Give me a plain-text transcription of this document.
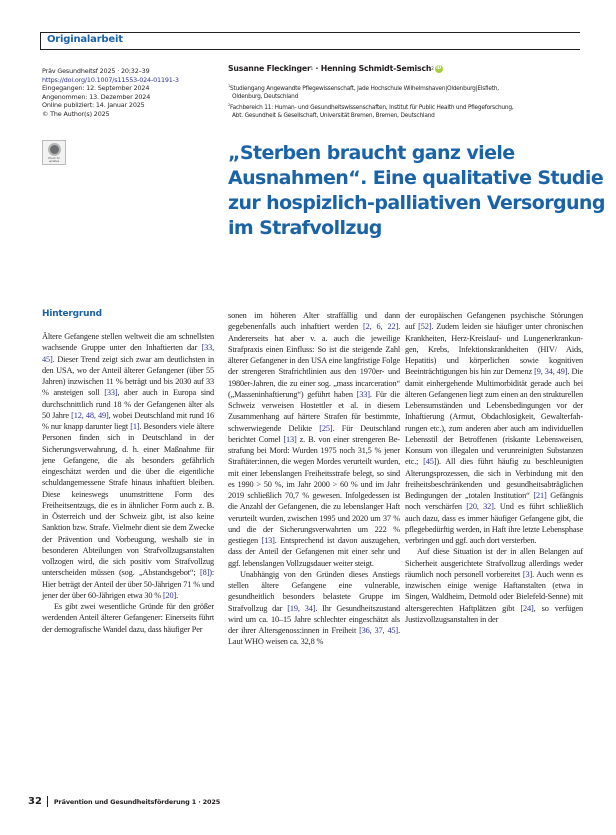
Originalarbeit
Präv Gesundheitsf 2025 · 20:32–39
https://doi.org/10.1007/s11553-024-01191-3
Eingegangen: 12. September 2024
Angenommen: 13. Dezember 2024
Online publiziert: 14. Januar 2025
© The Author(s) 2025
Check for updates
Susanne Fleckinger 1 · Henning Schmidt-Semisch 2 iD
$^1$Studiengang Angewandte Pflegewissenschaft, Jade Hochschule Wilhelmshaven|Oldenburg|Elsfleth,
Oldenburg, Deutschland
$^2$Fachbereich 11: Human- und Gesundheitswissenschaften, Institut für Public Health und Pflegeforschung,
Abt. Gesundheit & Gesellschaft, Universität Bremen, Bremen, Deutschland
„Sterben braucht ganz viele Ausnahmen“. Eine qualitative Studie zur hospizlich-palliativen Versorgung im Strafvollzug
Hintergrund

Ältere Gefangene stellen weltweit die am schnellsten wachsende Gruppe unter den Inhaftierten dar [33, 45]. Dieser Trend zeigt sich zwar am deutlichsten in den USA, wo der Anteil älterer Gefangener (über 55 Jahren) inzwischen 11 % beträgt und bis 2030 auf 33 % ansteigen soll [33], aber auch in Europa sind durchschnittlich rund 18 % der Gefangenen älter als 50 Jahre [12, 48, 49], wobei Deutschland mit rund 16 % nur knapp darunter liegt [1]. Besonders viele ältere Personen finden sich in Deutschland in der Sicherungsverwahrung, d. h. einer Maßnahme für jene Gefangene, die als besonders gefährlich eingeschätzt werden und die über die eigentliche schuldangemessene Strafe hinaus inhaftiert bleiben. Diese keineswegs unumstrittene Form des Freiheitsentzugs, die es in ähnlicher Form auch z. B. in Österreich und der Schweiz gibt, ist also keine Sanktion bzw. Strafe. Vielmehr dient sie dem Zwecke der Prävention und Vorbeugung, weshalb sie in besonderen Abteilungen von Strafvollzugsanstalten vollzogen wird, die sich positiv vom Strafvollzug unterscheiden müssen (sog. „Abstandsgebot“; [8]): Hier beträgt der Anteil der über 50-Jährigen 71 % und jener der über 60-Jährigen etwa 30 % [20].

Es gibt zwei wesentliche Gründe für den größer werdenden Anteil älterer Gefangener: Einerseits führt der demografische Wandel dazu, dass häufiger Per

sonen im höheren Alter straffällig und dann gegebenenfalls auch inhaftiert werden [2, 6, 22]. Andererseits hat aber v. a. auch die jeweilige Strafpraxis einen Einfluss: So ist die steigende Zahl älterer Gefangener in den USA eine langfristige Folge der strengeren Strafrichtlinien aus den 1970er- und 1980er-Jahren, die zu einer sog. „mass incarceration“ („Masseninhaftierung“) geführt haben [33]. Für die Schweiz verweisen Hostettler et al. in diesem Zusammenhang auf härtere Strafen für bestimmte, schwerwiegende Delikte [25]. Für Deutschland berichtet Cornel [13] z. B. von einer strengeren Bestrafung bei Mord: Wurden 1975 noch 31,5 % jener Straftäter:innen, die wegen Mordes verurteilt wurden, mit einer lebenslangen Freiheitsstrafe belegt, so sind es 1990 > 50 %, im Jahr 2000 > 60 % und im Jahr 2019 schließlich 70,7 % gewesen. Infolgedessen ist die Anzahl der Gefangenen, die zu lebenslanger Haft verurteilt wurden, zwischen 1995 und 2020 um 37 % und die der Sicherungsverwahrten um 222 % gestiegen [13]. Entsprechend ist davon auszugehen, dass der Anteil der Gefangenen mit einer sehr und ggf. lebenslangen Vollzugsdauer weiter steigt.

Unabhängig von den Gründen dieses Anstiegs stellen ältere Gefangene eine vulnerable, gesundheitlich besonders belastete Gruppe im Strafvollzug dar [19, 34]. Ihr Gesundheitszustand wird um ca. 10–15 Jahre schlechter eingeschätzt als der ihrer Altersgenoss:innen in Freiheit [36, 37, 45]. Laut WHO weisen ca. 32,8 %

der europäischen Gefangenen psychische Störungen auf [52]. Zudem leiden sie häufiger unter chronischen Krankheiten, Herz-Kreislauf- und Lungenerkrankungen, Krebs, Infektionskrankheiten (HIV/ Aids, Hepatitis) und körperlichen sowie kognitiven Beeinträchtigungen bis hin zur Demenz [9, 34, 49]. Die damit einhergehende Multimorbidität gerade auch bei älteren Gefangenen liegt zum einen an den strukturellen Lebensumständen und Lebensbedingungen vor der Inhaftierung (Armut, Obdachlosigkeit, Gewalterfahrungen etc.), zum anderen aber auch am individuellen Lebensstil der Betroffenen (riskante Lebensweisen, Konsum von illegalen und verunreinigten Substanzen etc.; [45]). All dies führt häufig zu beschleunigten Alterungsprozessen, die sich in Verbindung mit den freiheitsbeschränkenden und gesundheitsabträglichen Bedingungen der „totalen Institution“ [21] Gefängnis noch verschärfen [20, 32]. Und es führt schließlich auch dazu, dass es immer häufiger Gefangene gibt, die pflegebedürftig werden, in Haft ihre letzte Lebensphase verbringen und ggf. auch dort versterben.

Auf diese Situation ist der in allen Belangen auf Sicherheit ausgerichtete Strafvollzug allerdings weder räumlich noch personell vorbereitet [3]. Auch wenn es inzwischen einige wenige Haftanstalten (etwa in Singen, Waldheim, Detmold oder Bielefeld-Senne) mit altersgerechten Haftplätzen gibt [24], so verfügen Justizvollzugsanstalten in der

32 Prävention und Gesundheitsförderung 1 · 2025
